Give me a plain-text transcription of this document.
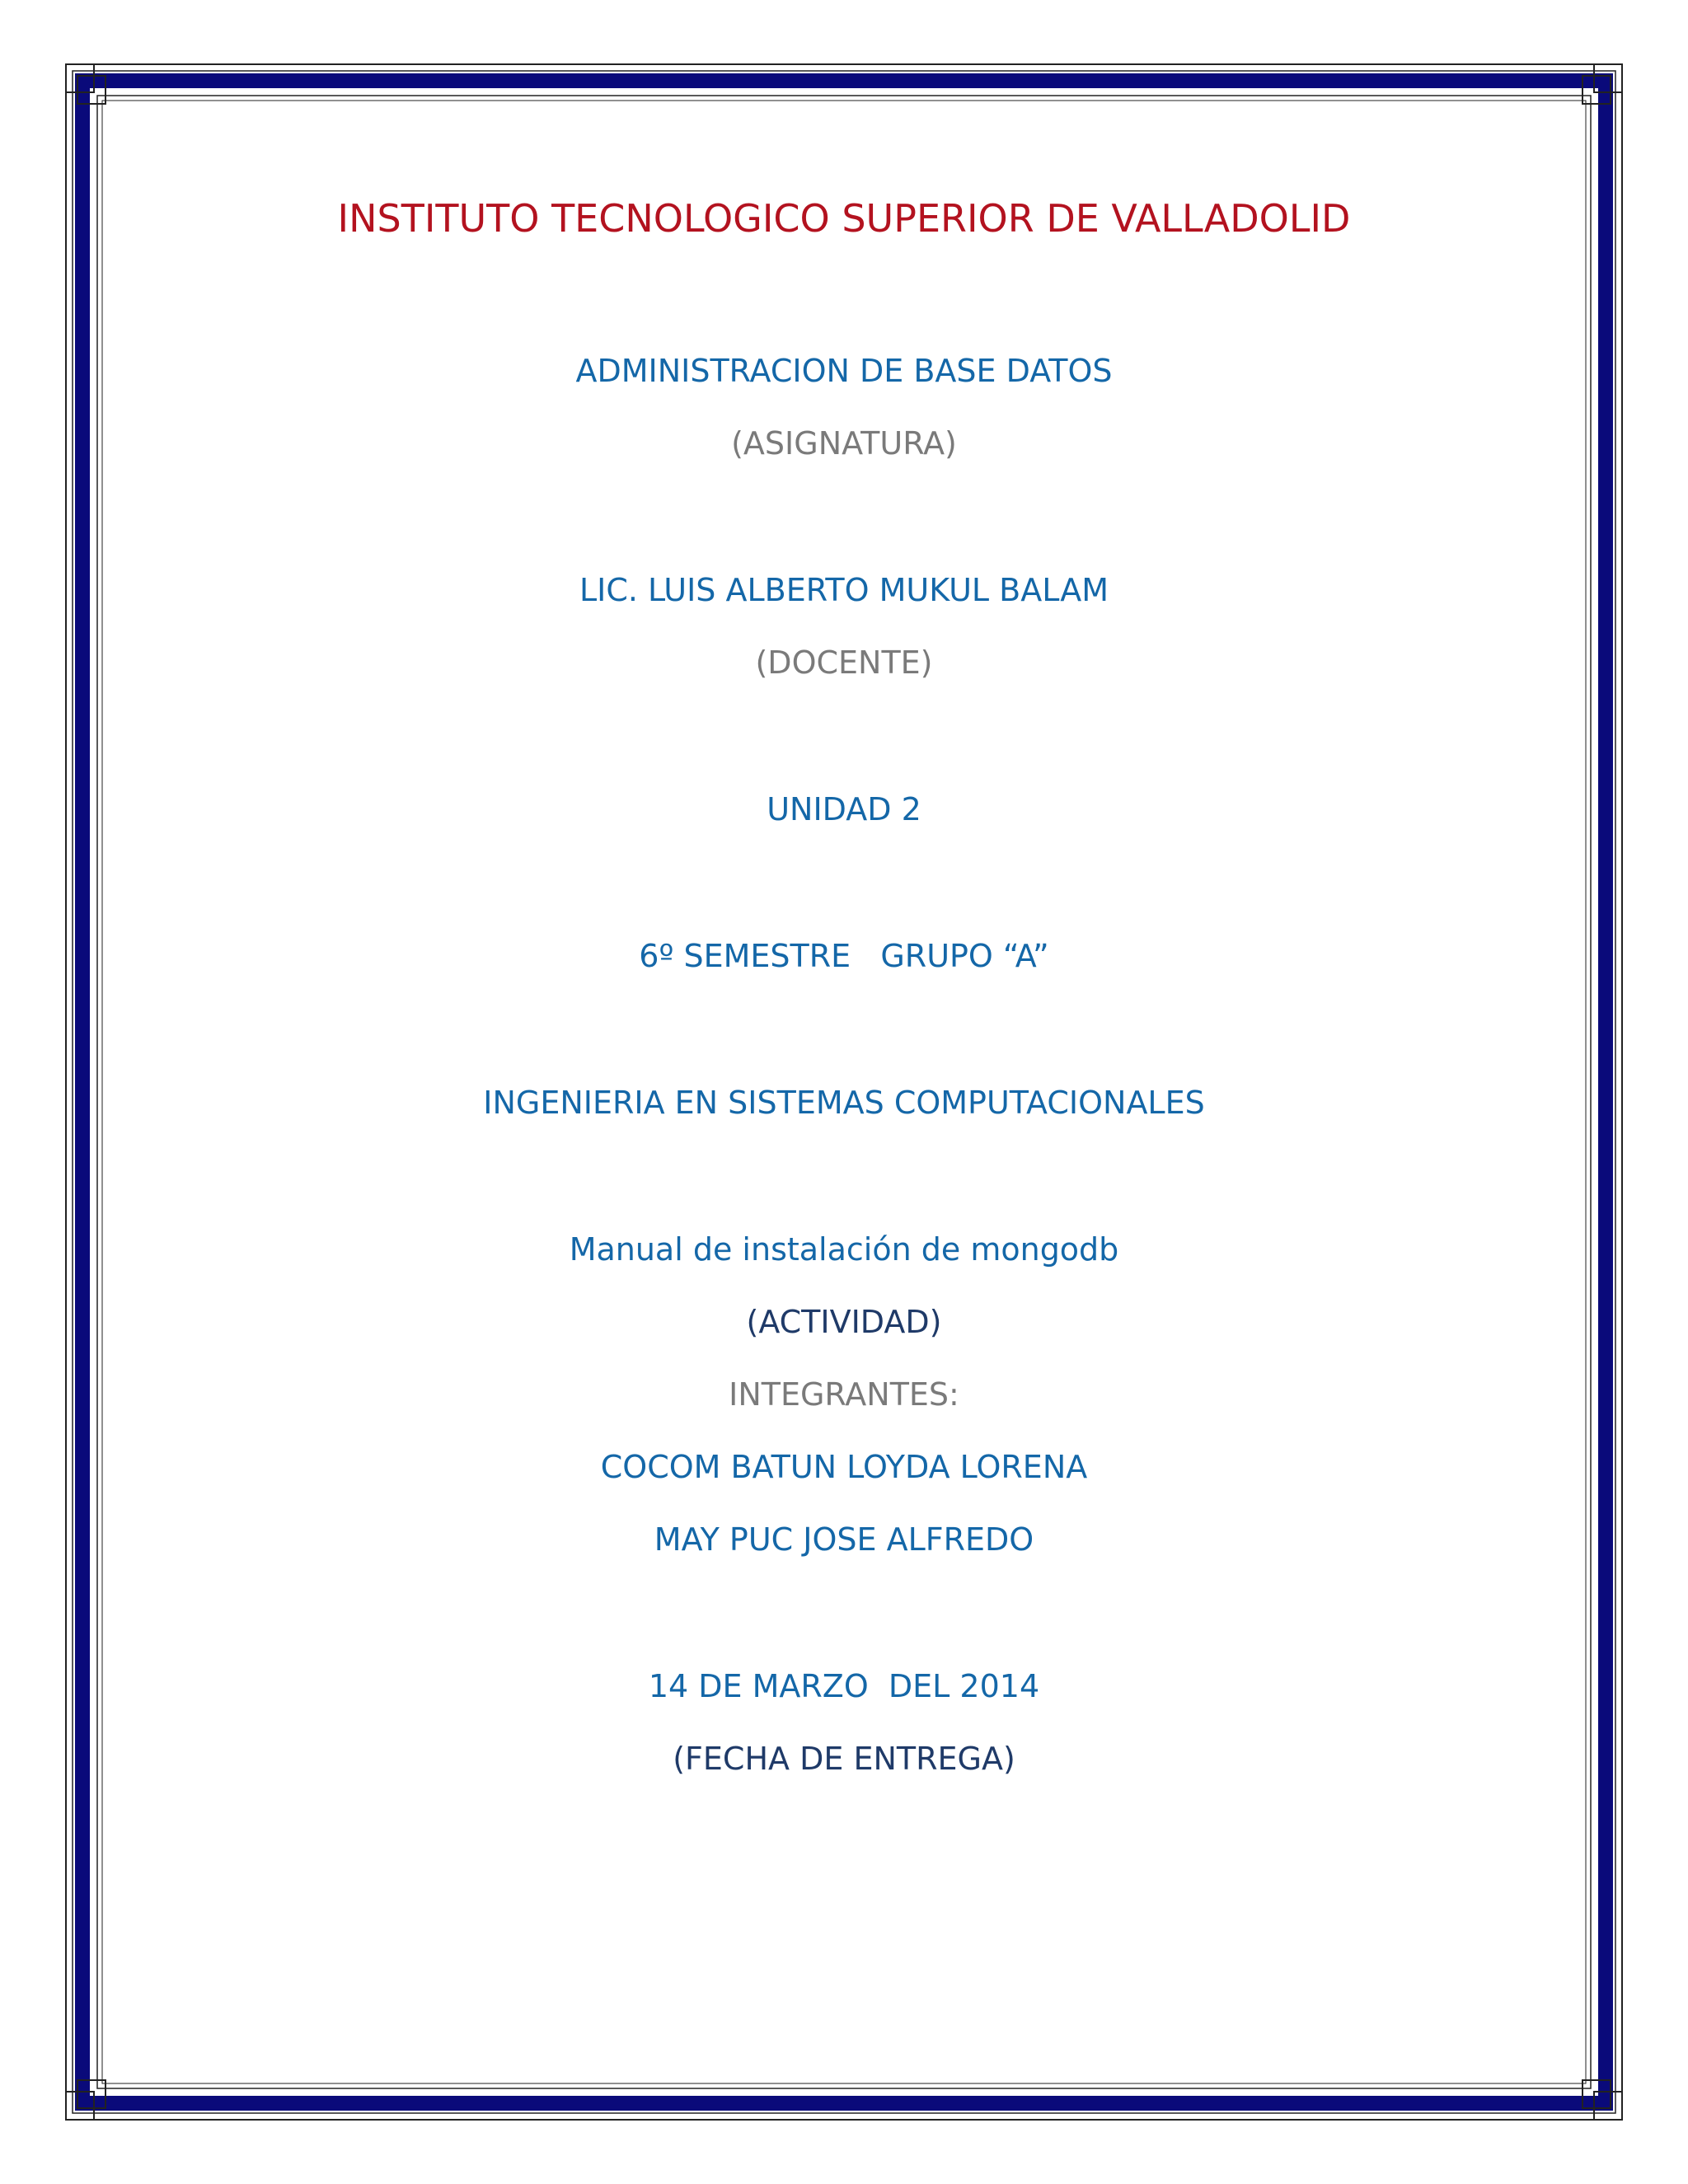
INSTITUTO TECNOLOGICO SUPERIOR DE VALLADOLID
ADMINISTRACION DE BASE DATOS
(ASIGNATURA)
LIC. LUIS ALBERTO MUKUL BALAM
(DOCENTE)
UNIDAD 2
6º SEMESTRE   GRUPO “A”
INGENIERIA EN SISTEMAS COMPUTACIONALES
Manual de instalación de mongodb
(ACTIVIDAD)
INTEGRANTES:
COCOM BATUN LOYDA LORENA
MAY PUC JOSE ALFREDO
14 DE MARZO  DEL 2014
(FECHA DE ENTREGA)
